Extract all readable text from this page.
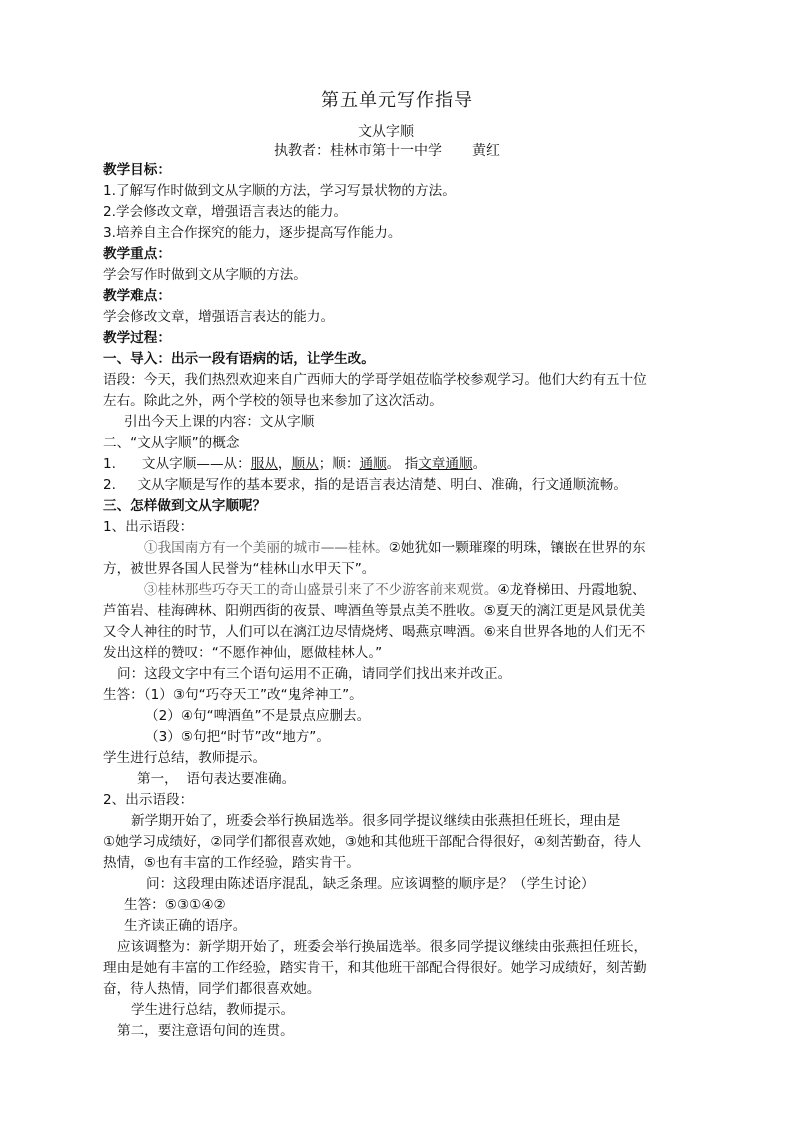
第五单元写作指导
文从字顺
执教者：桂林市第十一中学 黄红
教学目标：
1.了解写作时做到文从字顺的方法，学习写景状物的方法。
2.学会修改文章，增强语言表达的能力。
3.培养自主合作探究的能力，逐步提高写作能力。
教学重点：
学会写作时做到文从字顺的方法。
教学难点：
学会修改文章，增强语言表达的能力。
教学过程：
一、导入：出示一段有语病的话，让学生改。
语段：今天，我们热烈欢迎来自广西师大的学哥学姐莅临学校参观学习。他们大约有五十位
左右。除此之外，两个学校的领导也来参加了这次活动。
引出今天上课的内容：文从字顺
二、“文从字顺”的概念
1. 文从字顺——从：服从，顺从；顺：通顺。 指文章通顺。
2.     文从字顺是写作的基本要求，指的是语言表达清楚、明白、准确，行文通顺流畅。
三、怎样做到文从字顺呢？
1、出示语段：
①我国南方有一个美丽的城市——桂林。②她犹如一颗璀璨的明珠，镶嵌在世界的东
方，被世界各国人民誉为“桂林山水甲天下”。
③桂林那些巧夺天工的奇山盛景引来了不少游客前来观赏。④龙脊梯田、丹霞地貌、
芦笛岩、桂海碑林、阳朔西街的夜景、啤酒鱼等景点美不胜收。⑤夏天的漓江更是风景优美
又令人神往的时节，人们可以在漓江边尽情烧烤、喝燕京啤酒。⑥来自世界各地的人们无不
发出这样的赞叹：“不愿作神仙，愿做桂林人。”
问：这段文字中有三个语句运用不正确，请同学们找出来并改正。
生答：（1）③句“巧夺天工”改“鬼斧神工”。
（2）④句“啤酒鱼”不是景点应删去。
（3）⑤句把“时节”改“地方”。
学生进行总结，教师提示。
第一，  语句表达要准确。
2、出示语段：
新学期开始了，班委会举行换届选举。很多同学提议继续由张燕担任班长，理由是
①她学习成绩好，②同学们都很喜欢她，③她和其他班干部配合得很好，④刻苦勤奋，待人
热情，⑤也有丰富的工作经验，踏实肯干。
问：这段理由陈述语序混乱，缺乏条理。应该调整的顺序是？（学生讨论）
生答：⑤③①④②
生齐读正确的语序。
应该调整为：新学期开始了，班委会举行换届选举。很多同学提议继续由张燕担任班长，
理由是她有丰富的工作经验，踏实肯干，和其他班干部配合得很好。她学习成绩好，刻苦勤
奋，待人热情，同学们都很喜欢她。
学生进行总结，教师提示。
第二，要注意语句间的连贯。
